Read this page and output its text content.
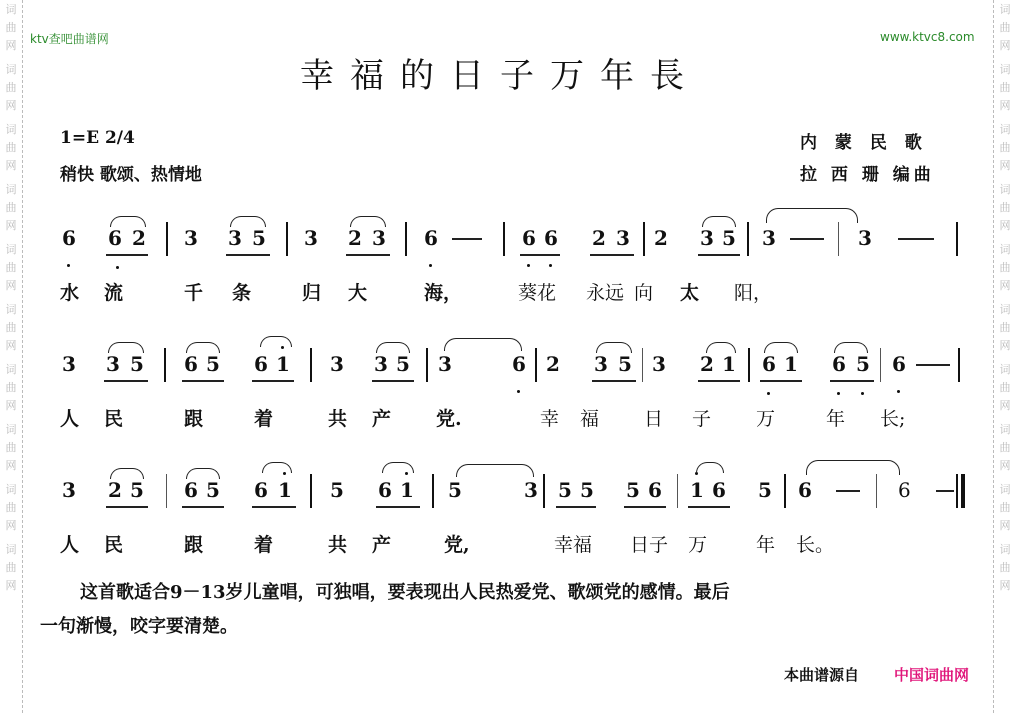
词
曲
网
词
曲
网
词
曲
网
词
曲
网
词
曲
网
词
曲
网
词
曲
网
词
曲
网
词
曲
网
词
曲
网
词
曲
网
词
曲
网
词
曲
网
词
曲
网
词
曲
网
词
曲
网
词
曲
网
词
曲
网
词
曲
网
词
曲
网
ktv查吧曲谱网	www.ktvc8.com
幸福的日子万年長
1=E 2/4
稍快 歌颂、热情地
内 蒙 民 歌
拉 西 珊 编曲
6 6 2 3 3 5 3 2 3 6	6 6 2 3 2 3 5 3	3
水 流	千 条	归 大	海，	葵花 永远 向 太 阳，
3 3 5 6 5 6 1 3 3 5 3	6 2 3 5 3 2 1 6 1 6 5 6
人 民	跟	着	共 产 党.	幸 福 日 子 万	年 长;
3 2 5 6 5 6 1 5 6 1 5	3 5 5 5 6 1 6 5 6	6
人 民	跟	着	共 产	党,	幸福 日子 万	年 长。
这首歌适合9－13岁儿童唱，可独唱，要表现出人民热爱党、歌颂党的感情。最后
一句渐慢，咬字要清楚。
本曲谱源自 中国词曲网
